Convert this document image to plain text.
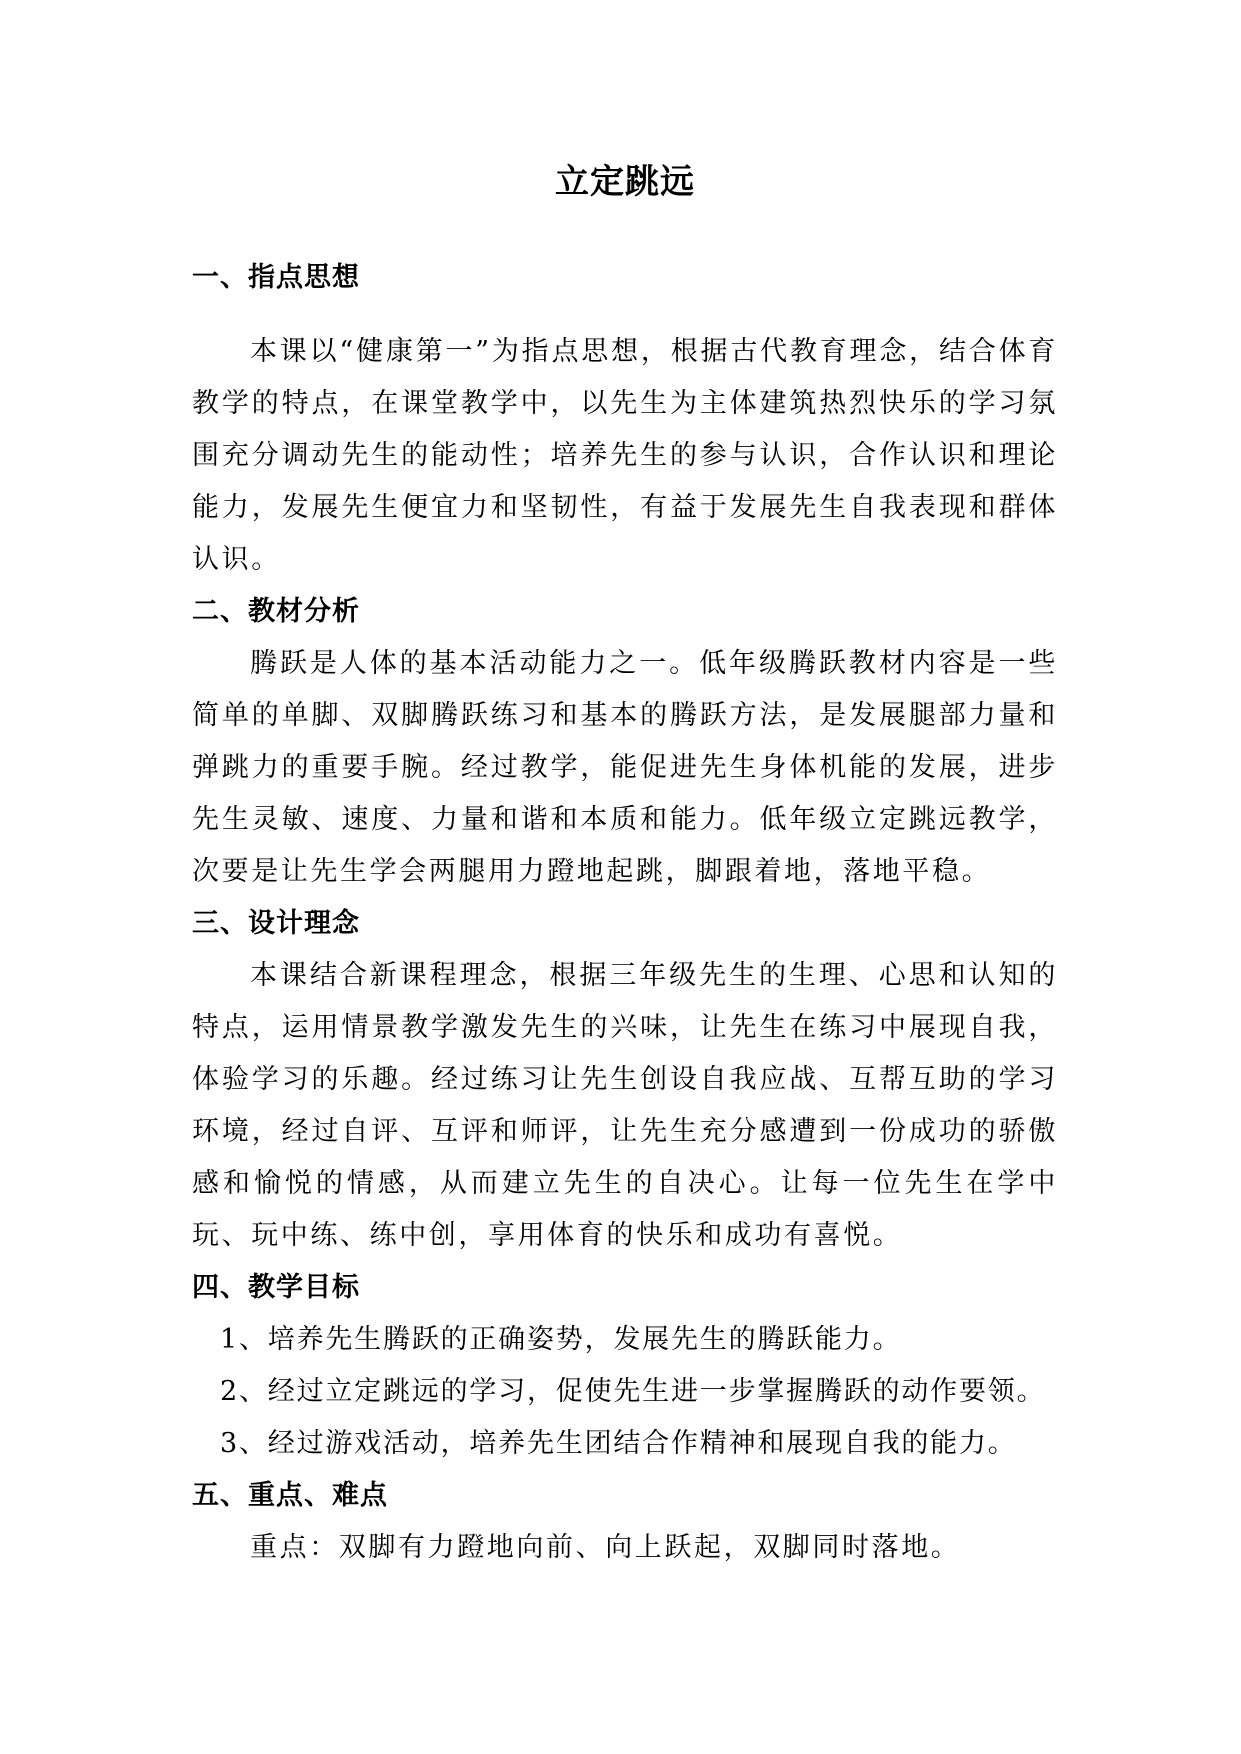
立定跳远
一、指点思想

本课以“健康第一”为指点思想，根据古代教育理念，结合体育教学的特点，在课堂教学中，以先生为主体建筑热烈快乐的学习氛围充分调动先生的能动性；培养先生的参与认识，合作认识和理论能力，发展先生便宜力和坚韧性，有益于发展先生自我表现和群体认识。

二、教材分析

腾跃是人体的基本活动能力之一。低年级腾跃教材内容是一些简单的单脚、双脚腾跃练习和基本的腾跃方法，是发展腿部力量和弹跳力的重要手腕。经过教学，能促进先生身体机能的发展，进步先生灵敏、速度、力量和谐和本质和能力。低年级立定跳远教学，次要是让先生学会两腿用力蹬地起跳，脚跟着地，落地平稳。

三、设计理念

本课结合新课程理念，根据三年级先生的生理、心思和认知的特点，运用情景教学激发先生的兴味，让先生在练习中展现自我，体验学习的乐趣。经过练习让先生创设自我应战、互帮互助的学习环境，经过自评、互评和师评，让先生充分感遭到一份成功的骄傲感和愉悦的情感，从而建立先生的自决心。让每一位先生在学中玩、玩中练、练中创，享用体育的快乐和成功有喜悦。

四、教学目标
1、培养先生腾跃的正确姿势，发展先生的腾跃能力。
2、经过立定跳远的学习，促使先生进一步掌握腾跃的动作要领。
3、经过游戏活动，培养先生团结合作精神和展现自我的能力。
五、重点、难点

重点：双脚有力蹬地向前、向上跃起，双脚同时落地。
